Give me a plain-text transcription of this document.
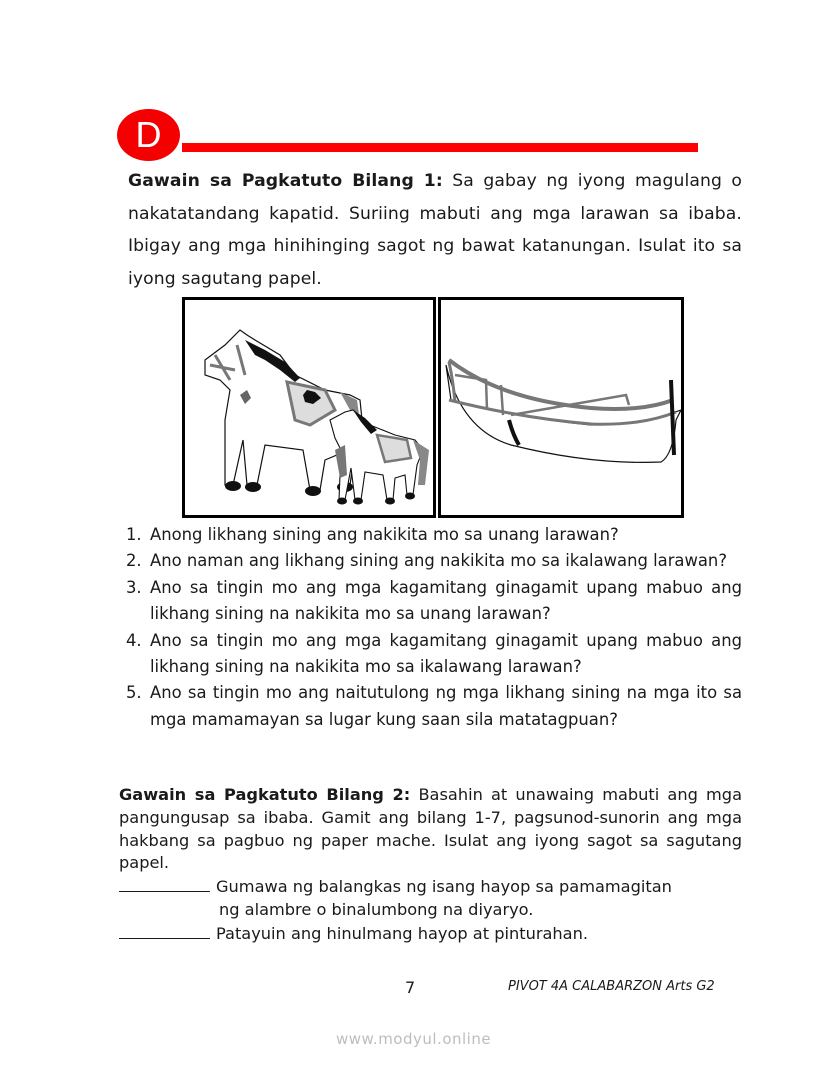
D
Gawain sa Pagkatuto Bilang 1: Sa gabay ng iyong magulang o nakatatandang kapatid. Suriing mabuti ang mga larawan sa ibaba. Ibigay ang mga hinihinging sagot ng bawat katanungan. Isulat ito sa iyong sagutang papel.
1. Anong likhang sining ang nakikita mo sa unang larawan?
2. Ano naman ang likhang sining ang nakikita mo sa ikalawang larawan?
3. Ano sa tingin mo ang mga kagamitang ginagamit upang mabuo ang likhang sining na nakikita mo sa unang larawan?
4. Ano sa tingin mo ang mga kagamitang ginagamit upang mabuo ang likhang sining na nakikita mo sa ikalawang larawan?
5. Ano sa tingin mo ang naitutulong ng mga likhang sining na mga ito sa mga mamamayan sa lugar kung saan sila matatagpuan?
Gawain sa Pagkatuto Bilang 2: Basahin at unawaing mabuti ang mga pangungusap sa ibaba. Gamit ang bilang 1-7, pagsunod-sunorin ang mga hakbang sa pagbuo ng paper mache. Isulat ang iyong sagot sa sagutang papel.
Gumawa ng balangkas ng isang hayop sa pamamagitan
ng alambre o binalumbong na diyaryo.
Patayuin ang hinulmang hayop at pinturahan.
7	PIVOT 4A CALABARZON Arts G2
www.modyul.online
